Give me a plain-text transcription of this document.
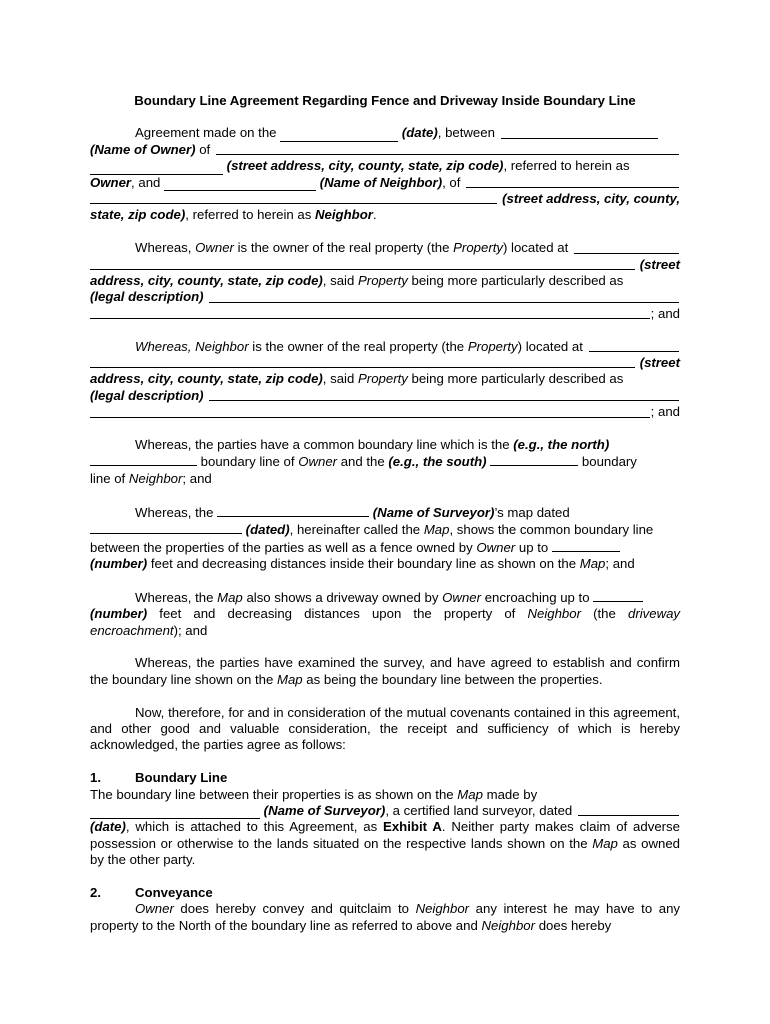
Boundary Line Agreement Regarding Fence and Driveway Inside Boundary Line
Agreement made on the

	(date) , between

(Name of Owner)
of

(street address, city, county, state, zip code) , referred to herein as
Owner , and

	(Name of Neighbor) , of

(street address, city, county,
state, zip code), referred to herein as Neighbor.
Whereas,
Owner
is the owner of the real property (the
Property ) located at

(street
address, city, county, state, zip code), said Property being more particularly described as
(legal description)

; and
Whereas, Neighbor
is the owner of the real property (the
Property ) located at

(street
address, city, county, state, zip code), said Property being more particularly described as
(legal description)

; and
Whereas, the parties have a common boundary line which is the (e.g., the north)
boundary line of Owner and the (e.g., the south)	boundary
line of Neighbor; and
Whereas, the	(Name of Surveyor)’s map dated
(dated), hereinafter called the Map, shows the common boundary line
between the properties of the parties as well as a fence owned by Owner up to
(number) feet and decreasing distances inside their boundary line as shown on the Map; and
Whereas, the Map also shows a driveway owned by Owner encroaching up to
(number) feet and decreasing distances upon the property of Neighbor (the driveway encroachment); and
Whereas, the parties have examined the survey, and have agreed to establish and confirm the boundary line shown on the Map as being the boundary line between the properties.
Now, therefore, for and in consideration of the mutual covenants contained in this agreement, and other good and valuable consideration, the receipt and sufficiency of which is hereby acknowledged, the parties agree as follows:
1.	Boundary Line
The boundary line between their properties is as shown on the Map made by

(Name of Surveyor) , a certified land surveyor, dated

(date), which is attached to this Agreement, as Exhibit A. Neither party makes claim of adverse possession or otherwise to the lands situated on the respective lands shown on the Map as owned by the other party.
2.	Conveyance
Owner does hereby convey and quitclaim to Neighbor any interest he may have to any property to the North of the boundary line as referred to above and Neighbor does hereby
